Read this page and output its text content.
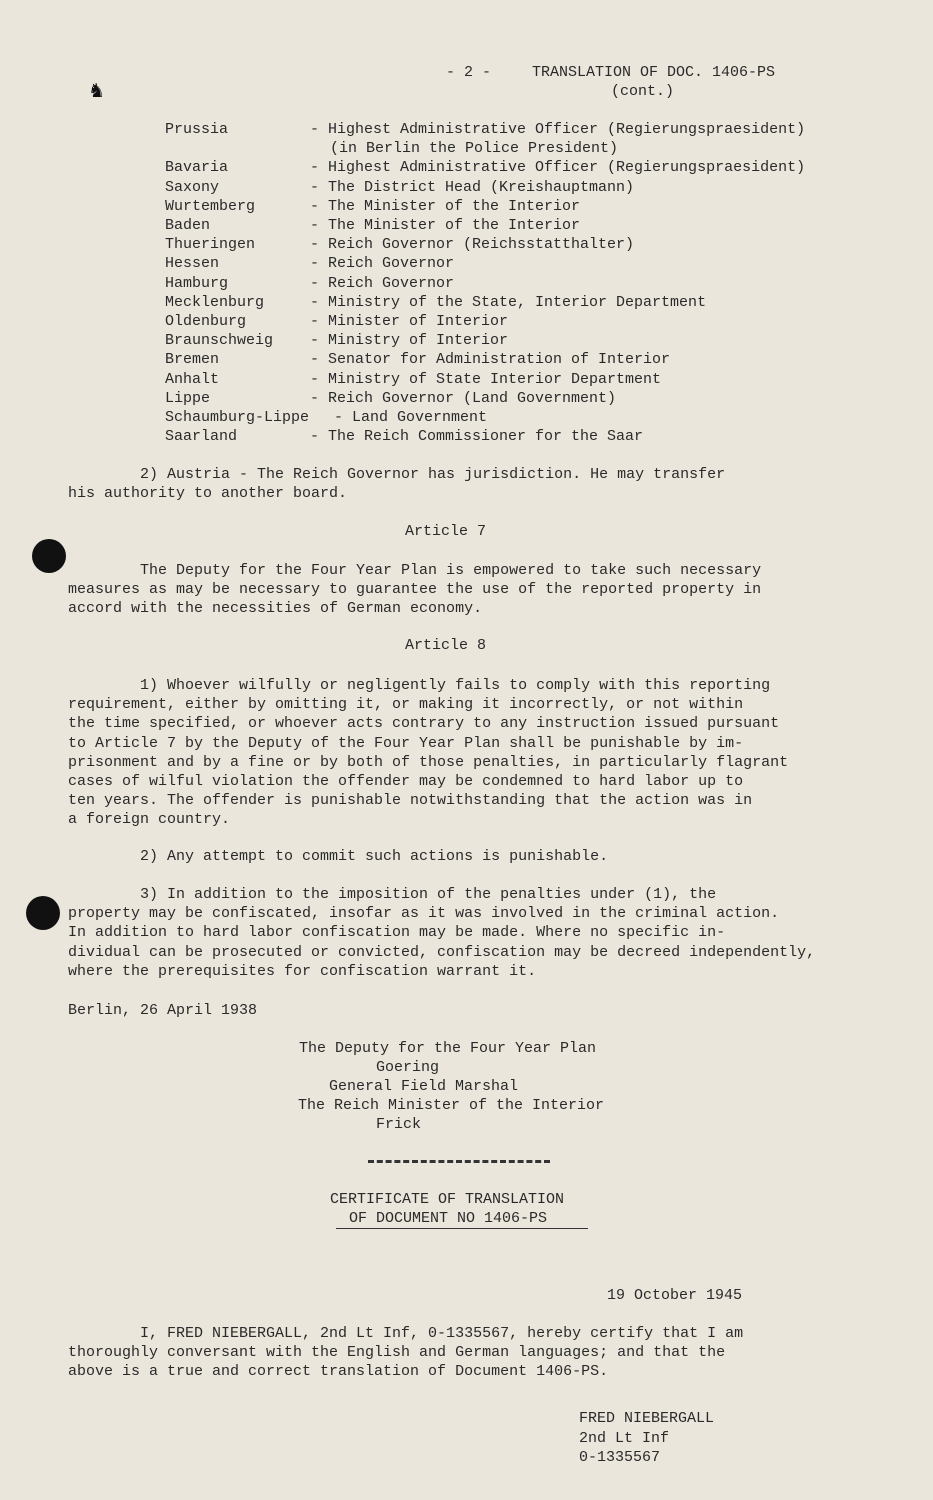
♞
- 2 -	TRANSLATION OF DOC. 1406-PS
(cont.)
Prussia	- Highest Administrative Officer (Regierungspraesident)
(in Berlin the Police President)
Bavaria	- Highest Administrative Officer (Regierungspraesident)
Saxony	- The District Head (Kreishauptmann)
Wurtemberg	- The Minister of the Interior
Baden	- The Minister of the Interior
Thueringen	- Reich Governor (Reichsstatthalter)
Hessen	- Reich Governor
Hamburg	- Reich Governor
Mecklenburg	- Ministry of the State, Interior Department
Oldenburg	- Minister of Interior
Braunschweig - Ministry of Interior
Bremen	- Senator for Administration of Interior
Anhalt	- Ministry of State Interior Department
Lippe	- Reich Governor (Land Government)
Schaumburg-Lippe - Land Government
Saarland	- The Reich Commissioner for the Saar
2) Austria - The Reich Governor has jurisdiction. He may transfer
his authority to another board.
Article 7
The Deputy for the Four Year Plan is empowered to take such necessary
measures as may be necessary to guarantee the use of the reported property in
accord with the necessities of German economy.
Article 8
1) Whoever wilfully or negligently fails to comply with this reporting
requirement, either by omitting it, or making it incorrectly, or not within
the time specified, or whoever acts contrary to any instruction issued pursuant
to Article 7 by the Deputy of the Four Year Plan shall be punishable by im-
prisonment and by a fine or by both of those penalties, in particularly flagrant
cases of wilful violation the offender may be condemned to hard labor up to
ten years. The offender is punishable notwithstanding that the action was in
a foreign country.
2) Any attempt to commit such actions is punishable.
3) In addition to the imposition of the penalties under (1), the
property may be confiscated, insofar as it was involved in the criminal action.
In addition to hard labor confiscation may be made. Where no specific in-
dividual can be prosecuted or convicted, confiscation may be decreed independently,
where the prerequisites for confiscation warrant it.
Berlin, 26 April 1938
The Deputy for the Four Year Plan
Goering
General Field Marshal
The Reich Minister of the Interior
Frick
CERTIFICATE OF TRANSLATION
OF DOCUMENT NO 1406-PS
19 October 1945
I, FRED NIEBERGALL, 2nd Lt Inf, 0-1335567, hereby certify that I am
thoroughly conversant with the English and German languages; and that the
above is a true and correct translation of Document 1406-PS.
FRED NIEBERGALL
2nd Lt Inf
0-1335567
